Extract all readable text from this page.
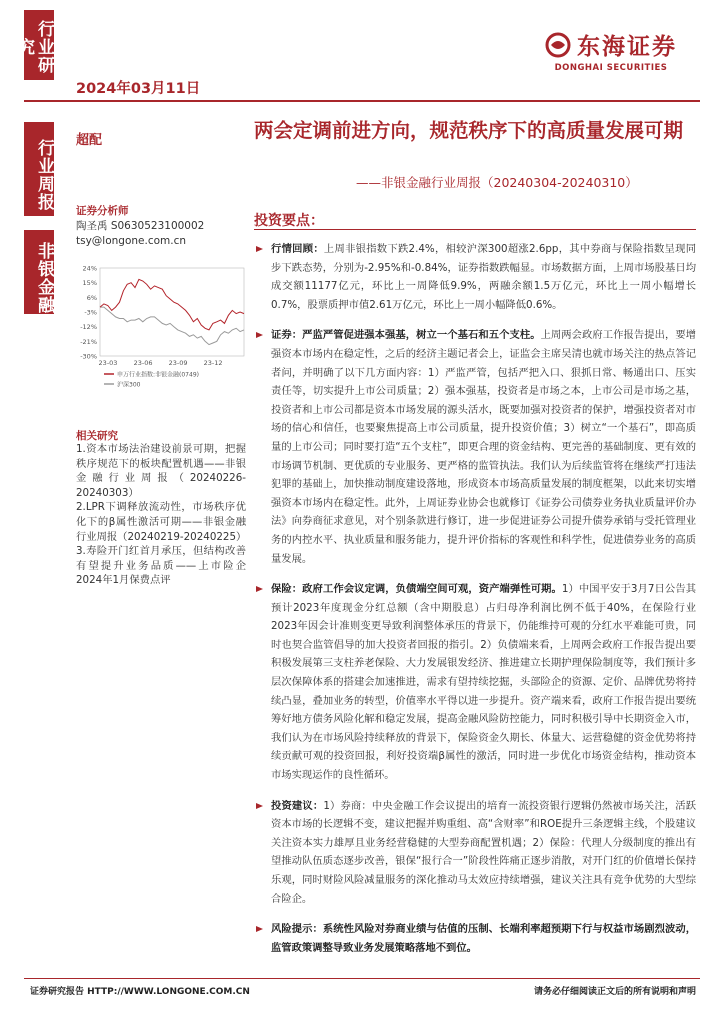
行业研究
行业周报
非银金融
2024年03月11日
东海证券
DONGHAI SECURITIES
超配	两会定调前进方向，规范秩序下的高质量发展可期
——非银金融行业周报（20240304-20240310）
证券分析师
陶圣禹 S0630523100002
tsy@longone.com.cn
24%
15%
6%
-3%
-12%
-21%
-30%
23-03 23-06 23-09 23-12
申万行业指数:非银金融(0749)
沪深300
相关研究

1.资本市场法治建设前景可期，把握秩序规范下的板块配置机遇——非银金融行业周报（20240226-20240303）

2.LPR下调释放流动性，市场秩序优化下的β属性激活可期——非银金融行业周报（20240219-20240225）

3.寿险开门红首月承压，但结构改善有望提升业务品质——上市险企2024年1月保费点评

投资要点：
行情回顾：上周非银指数下跌2.4%，相较沪深300超涨2.6pp，其中券商与保险指数呈现同步下跌态势，分别为-2.95%和-0.84%，证券指数跌幅显。市场数据方面，上周市场股基日均成交额11177亿元，环比上一周降低9.9%，两融余额1.5万亿元，环比上一周小幅增长0.7%，股票质押市值2.61万亿元，环比上一周小幅降低0.6%。
证券：严监严管促进强本强基，树立一个基石和五个支柱。上周两会政府工作报告提出，要增强资本市场内在稳定性，之后的经济主题记者会上，证监会主席吴清也就市场关注的热点答记者问，并明确了以下几方面内容：1）严监严管，包括严把入口、狠抓日常、畅通出口、压实责任等，切实提升上市公司质量；2）强本强基，投资者是市场之本，上市公司是市场之基，投资者和上市公司都是资本市场发展的源头活水，既要加强对投资者的保护，增强投资者对市场的信心和信任，也要聚焦提高上市公司质量，提升投资价值；3）树立“一个基石”，即高质量的上市公司；同时要打造“五个支柱”，即更合理的资金结构、更完善的基础制度、更有效的市场调节机制、更优质的专业服务、更严格的监管执法。我们认为后续监管将在继续严打违法犯罪的基础上，加快推动制度建设落地，形成资本市场高质量发展的制度框架，以此来切实增强资本市场内在稳定性。此外，上周证券业协会也就修订《证券公司债券业务执业质量评价办法》向券商征求意见，对个别条款进行修订，进一步促进证券公司提升债券承销与受托管理业务的内控水平、执业质量和服务能力，提升评价指标的客观性和科学性，促进债券业务的高质量发展。
保险：政府工作会议定调，负债端空间可观，资产端弹性可期。1）中国平安于3月7日公告其预计2023年度现金分红总额（含中期股息）占归母净利润比例不低于40%，在保险行业2023年因会计准则变更导致利润整体承压的背景下，仍能维持可观的分红水平难能可贵，同时也契合监管倡导的加大投资者回报的指引。2）负债端来看，上周两会政府工作报告提出要积极发展第三支柱养老保险、大力发展银发经济、推进建立长期护理保险制度等，我们预计多层次保障体系的搭建会加速推进，需求有望持续挖掘，头部险企的资源、定价、品牌优势将持续凸显，叠加业务的转型，价值率水平得以进一步提升。资产端来看，政府工作报告提出要统筹好地方债务风险化解和稳定发展，提高金融风险防控能力，同时积极引导中长期资金入市，我们认为在市场风险持续释放的背景下，保险资金久期长、体量大、运营稳健的资金优势将持续贡献可观的投资回报，利好投资端β属性的激活，同时进一步优化市场资金结构，推动资本市场实现运作的良性循环。
投资建议：1）券商：中央金融工作会议提出的培育一流投资银行逻辑仍然被市场关注，活跃资本市场的长逻辑不变，建议把握并购重组、高“含财率”和ROE提升三条逻辑主线，个股建议关注资本实力雄厚且业务经营稳健的大型券商配置机遇；2）保险：代理人分级制度的推出有望推动队伍质态逐步改善，银保“报行合一”阶段性阵痛正逐步消散，对开门红的价值增长保持乐观，同时财险风险减量服务的深化推动马太效应持续增强，建议关注具有竞争优势的大型综合险企。
风险提示：系统性风险对券商业绩与估值的压制、长端利率超预期下行与权益市场剧烈波动，监管政策调整导致业务发展策略落地不到位。
证券研究报告 HTTP://WWW.LONGONE.COM.CN	请务必仔细阅读正文后的所有说明和声明
